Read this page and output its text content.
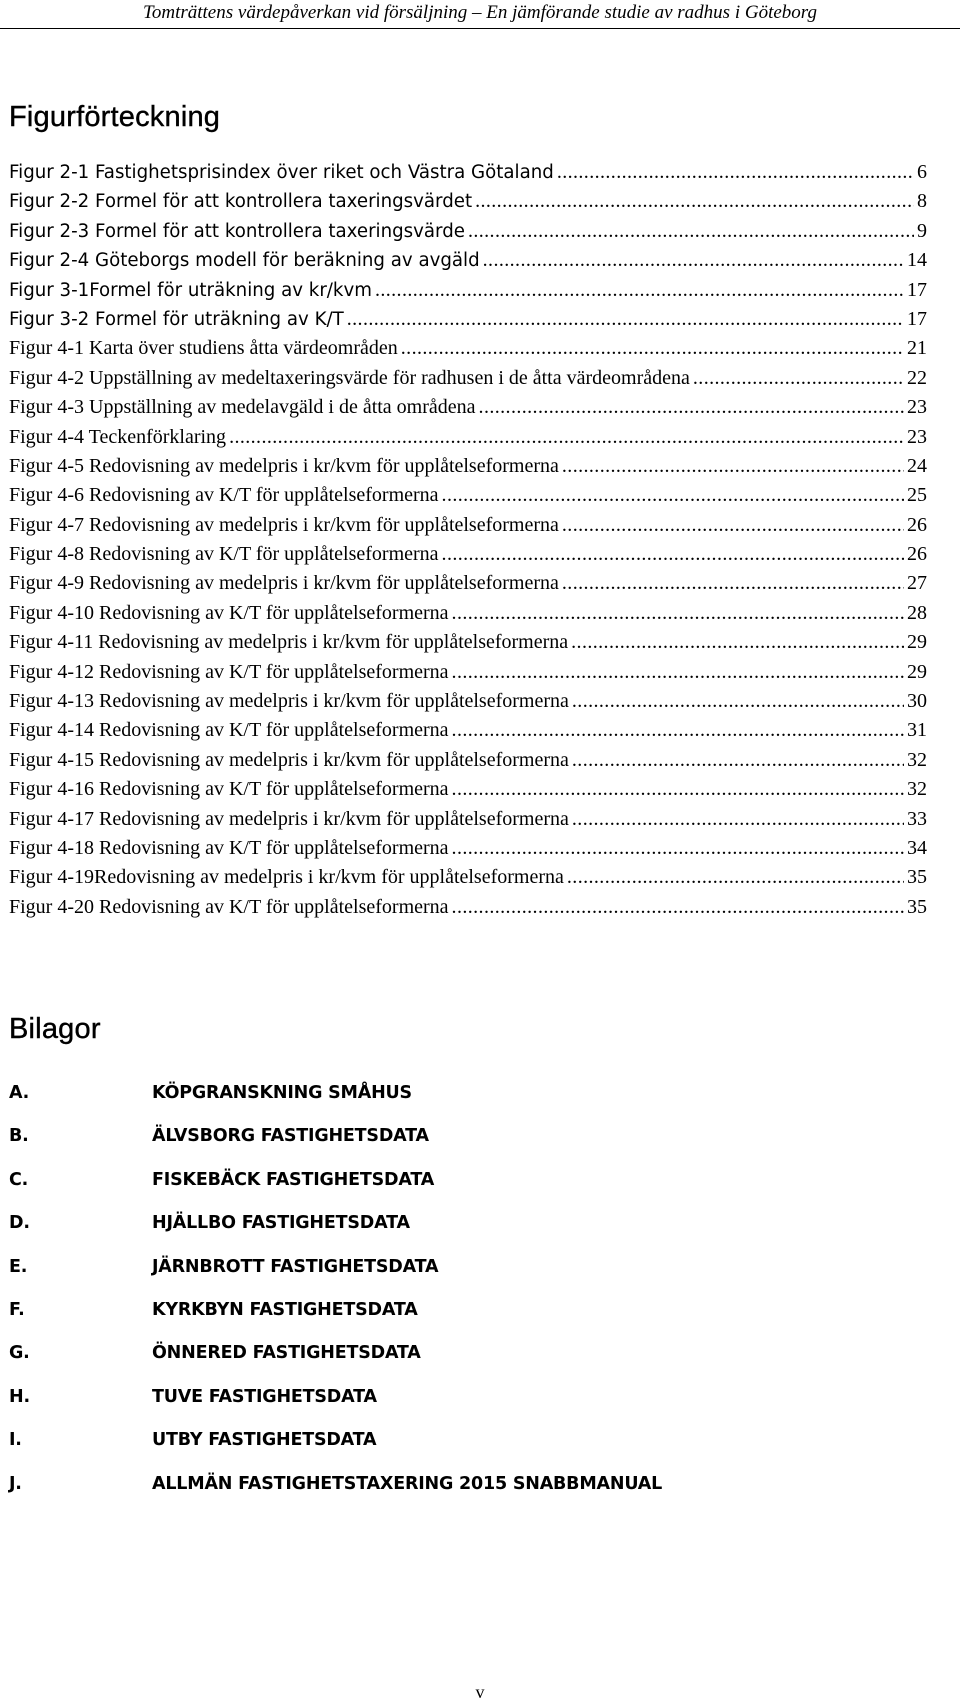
Tomträttens värdepåverkan vid försäljning – En jämförande studie av radhus i Göteborg
Figurförteckning
Figur 2-1 Fastighetsprisindex över riket och Västra Götaland .....	6
Figur 2-2 Formel för att kontrollera taxeringsvärdet .....	8
Figur 2-3 Formel för att kontrollera taxeringsvärde .....	9
Figur 2-4 Göteborgs modell för beräkning av avgäld .....	14
Figur 3-1Formel för uträkning av kr/kvm .....	17
Figur 3-2 Formel för uträkning av K/T .....	17
Figur 4-1 Karta över studiens åtta värdeområden .....	21
Figur 4-2 Uppställning av medeltaxeringsvärde för radhusen i de åtta värdeområdena .....	22
Figur 4-3 Uppställning av medelavgäld i de åtta områdena .....	23
Figur 4-4 Teckenförklaring .....	23
Figur 4-5 Redovisning av medelpris i kr/kvm för upplåtelseformerna .....	24
Figur 4-6 Redovisning av K/T för upplåtelseformerna .....	25
Figur 4-7 Redovisning av medelpris i kr/kvm för upplåtelseformerna .....	26
Figur 4-8 Redovisning av K/T för upplåtelseformerna .....	26
Figur 4-9 Redovisning av medelpris i kr/kvm för upplåtelseformerna .....	27
Figur 4-10 Redovisning av K/T för upplåtelseformerna .....	28
Figur 4-11 Redovisning av medelpris i kr/kvm för upplåtelseformerna .....	29
Figur 4-12 Redovisning av K/T för upplåtelseformerna .....	29
Figur 4-13 Redovisning av medelpris i kr/kvm för upplåtelseformerna .....	30
Figur 4-14 Redovisning av K/T för upplåtelseformerna .....	31
Figur 4-15 Redovisning av medelpris i kr/kvm för upplåtelseformerna .....	32
Figur 4-16 Redovisning av K/T för upplåtelseformerna .....	32
Figur 4-17 Redovisning av medelpris i kr/kvm för upplåtelseformerna .....	33
Figur 4-18 Redovisning av K/T för upplåtelseformerna .....	34
Figur 4-19Redovisning av medelpris i kr/kvm för upplåtelseformerna .....	35
Figur 4-20 Redovisning av K/T för upplåtelseformerna .....	35
Bilagor
A.	KÖPGRANSKNING SMÅHUS
B.	ÄLVSBORG FASTIGHETSDATA
C.	FISKEBÄCK FASTIGHETSDATA
D.	HJÄLLBO FASTIGHETSDATA
E.	JÄRNBROTT FASTIGHETSDATA
F.	KYRKBYN FASTIGHETSDATA
G.	ÖNNERED FASTIGHETSDATA
H.	TUVE FASTIGHETSDATA
I.	UTBY FASTIGHETSDATA
J.	ALLMÄN FASTIGHETSTAXERING 2015 SNABBMANUAL
v
